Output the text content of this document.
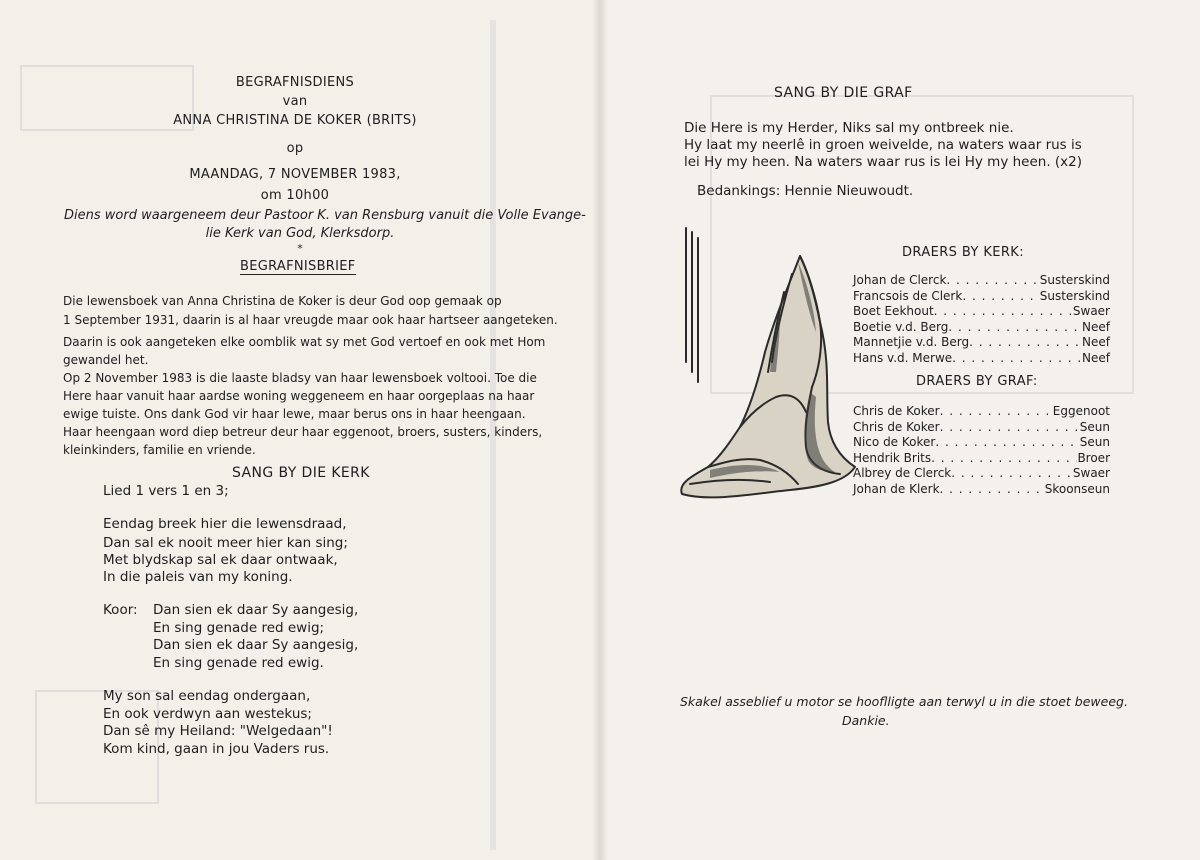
BEGRAFNISDIENS
van
ANNA CHRISTINA DE KOKER (BRITS)
op
MAANDAG, 7 NOVEMBER 1983,
om 10h00
Diens word waargeneem deur Pastoor K. van Rensburg vanuit die Volle Evange-
lie Kerk van God, Klerksdorp.
*
BEGRAFNISBRIEF
Die lewensboek van Anna Christina de Koker is deur God oop gemaak op
1 September 1931, daarin is al haar vreugde maar ook haar hartseer aangeteken.
Daarin is ook aangeteken elke oomblik wat sy met God vertoef en ook met Hom
gewandel het.
Op 2 November 1983 is die laaste bladsy van haar lewensboek voltooi. Toe die
Here haar vanuit haar aardse woning weggeneem en haar oorgeplaas na haar
ewige tuiste. Ons dank God vir haar lewe, maar berus ons in haar heengaan.
Haar heengaan word diep betreur deur haar eggenoot, broers, susters, kinders,
kleinkinders, familie en vriende.
SANG BY DIE KERK
Lied 1 vers 1 en 3;
Eendag breek hier die lewensdraad,
Dan sal ek nooit meer hier kan sing;
Met blydskap sal ek daar ontwaak,
In die paleis van my koning.
Koor: Dan sien ek daar Sy aangesig,
En sing genade red ewig;
Dan sien ek daar Sy aangesig,
En sing genade red ewig.
My son sal eendag ondergaan,
En ook verdwyn aan westekus;
Dan sê my Heiland: "Welgedaan"!
Kom kind, gaan in jou Vaders rus.
SANG BY DIE GRAF
Die Here is my Herder, Niks sal my ontbreek nie.
Hy laat my neerlê in groen weivelde, na waters waar rus is
lei Hy my heen. Na waters waar rus is lei Hy my heen. (x2)
Bedankings: Hennie Nieuwoudt.
DRAERS BY KERK:
Johan de Clerck . . .	Susterskind
Francsois de Clerk . . .	Susterskind
Boet Eekhout . . .	Swaer
Boetie v.d. Berg . . .	Neef
Mannetjie v.d. Berg . . .	Neef
Hans v.d. Merwe . . .	Neef
DRAERS BY GRAF:
Chris de Koker . . .	Eggenoot
Chris de Koker . . .	Seun
Nico de Koker . . .	Seun
Hendrik Brits . . .	Broer
Albrey de Clerck . . .	Swaer
Johan de Klerk . . .	Skoonseun
Skakel asseblief u motor se hooflligte aan terwyl u in die stoet beweeg.
Dankie.
